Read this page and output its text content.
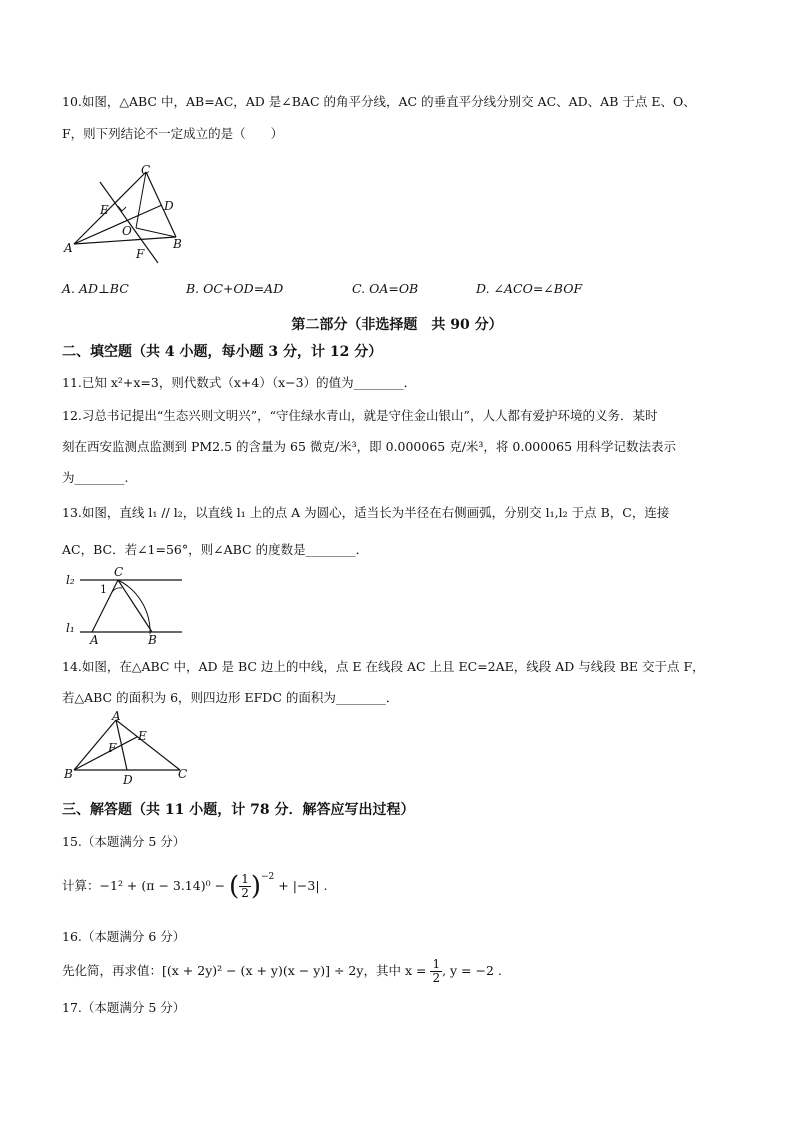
10.如图，△ABC 中，AB=AC，AD 是∠BAC 的角平分线，AC 的垂直平分线分别交 AC、AD、AB 于点 E、O、
F，则下列结论不一定成立的是（　　）
C
D
E
O
A	B
F
A. AD⊥BC	B. OC+OD=AD	C. OA=OB	D. ∠ACO=∠BOF
第二部分（非选择题　共 90 分）
二、填空题（共 4 小题，每小题 3 分，计 12 分）
11.已知 x²+x=3，则代数式（x+4）（x−3）的值为________．
12.习总书记提出“生态兴则文明兴”，“守住绿水青山，就是守住金山银山”，人人都有爱护环境的义务．某时
刻在西安监测点监测到 PM2.5 的含量为 65 微克/米³，即 0.000065 克/米³，将 0.000065 用科学记数法表示
为________.
13.如图，直线 l₁ // l₂，以直线 l₁ 上的点 A 为圆心，适当长为半径在右侧画弧，分别交 l₁,l₂ 于点 B，C，连接
AC，BC．若∠1=56°，则∠ABC 的度数是________．
l₂
l₁
C
1
A	B
14.如图，在△ABC 中，AD 是 BC 边上的中线，点 E 在线段 AC 上且 EC=2AE，线段 AD 与线段 BE 交于点 F，
若△ABC 的面积为 6，则四边形 EFDC 的面积为________．
A
E
F
B	D	C
三、解答题（共 11 小题，计 78 分．解答应写出过程）
15.（本题满分 5 分）
计算：−1² + (π − 3.14)⁰ − ( $\frac{1}{2} )^{-2} + |-3|$ .
16.（本题满分 6 分）
先化简，再求值：[(x + 2y)² − (x + y)(x − y)] ÷ 2y，其中 $x = \frac{1}{2}$ , y = −2 .
17.（本题满分 5 分）
